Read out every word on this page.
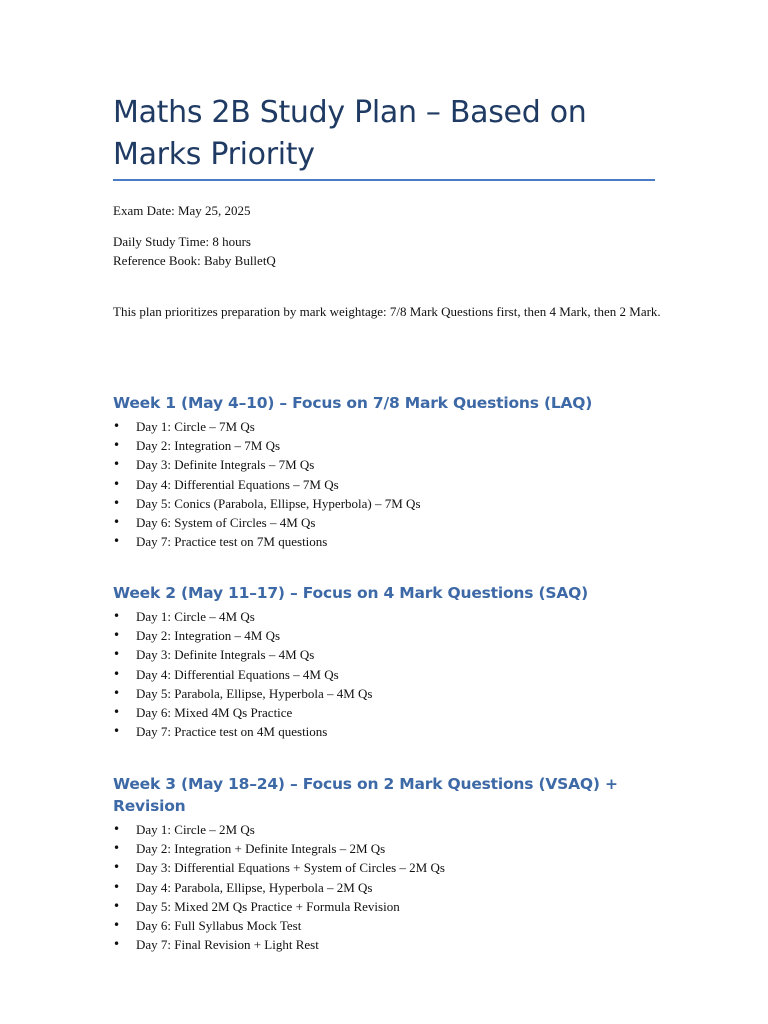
Maths 2B Study Plan – Based on Marks Priority
Exam Date: May 25, 2025
Daily Study Time: 8 hours
Reference Book: Baby BulletQ
This plan prioritizes preparation by mark weightage: 7/8 Mark Questions first, then 4 Mark, then 2 Mark.
Week 1 (May 4–10) – Focus on 7/8 Mark Questions (LAQ)
• Day 1: Circle – 7M Qs
• Day 2: Integration – 7M Qs
• Day 3: Definite Integrals – 7M Qs
• Day 4: Differential Equations – 7M Qs
• Day 5: Conics (Parabola, Ellipse, Hyperbola) – 7M Qs
• Day 6: System of Circles – 4M Qs
• Day 7: Practice test on 7M questions
Week 2 (May 11–17) – Focus on 4 Mark Questions (SAQ)
• Day 1: Circle – 4M Qs
• Day 2: Integration – 4M Qs
• Day 3: Definite Integrals – 4M Qs
• Day 4: Differential Equations – 4M Qs
• Day 5: Parabola, Ellipse, Hyperbola – 4M Qs
• Day 6: Mixed 4M Qs Practice
• Day 7: Practice test on 4M questions
Week 3 (May 18–24) – Focus on 2 Mark Questions (VSAQ) + Revision
• Day 1: Circle – 2M Qs
• Day 2: Integration + Definite Integrals – 2M Qs
• Day 3: Differential Equations + System of Circles – 2M Qs
• Day 4: Parabola, Ellipse, Hyperbola – 2M Qs
• Day 5: Mixed 2M Qs Practice + Formula Revision
• Day 6: Full Syllabus Mock Test
• Day 7: Final Revision + Light Rest
